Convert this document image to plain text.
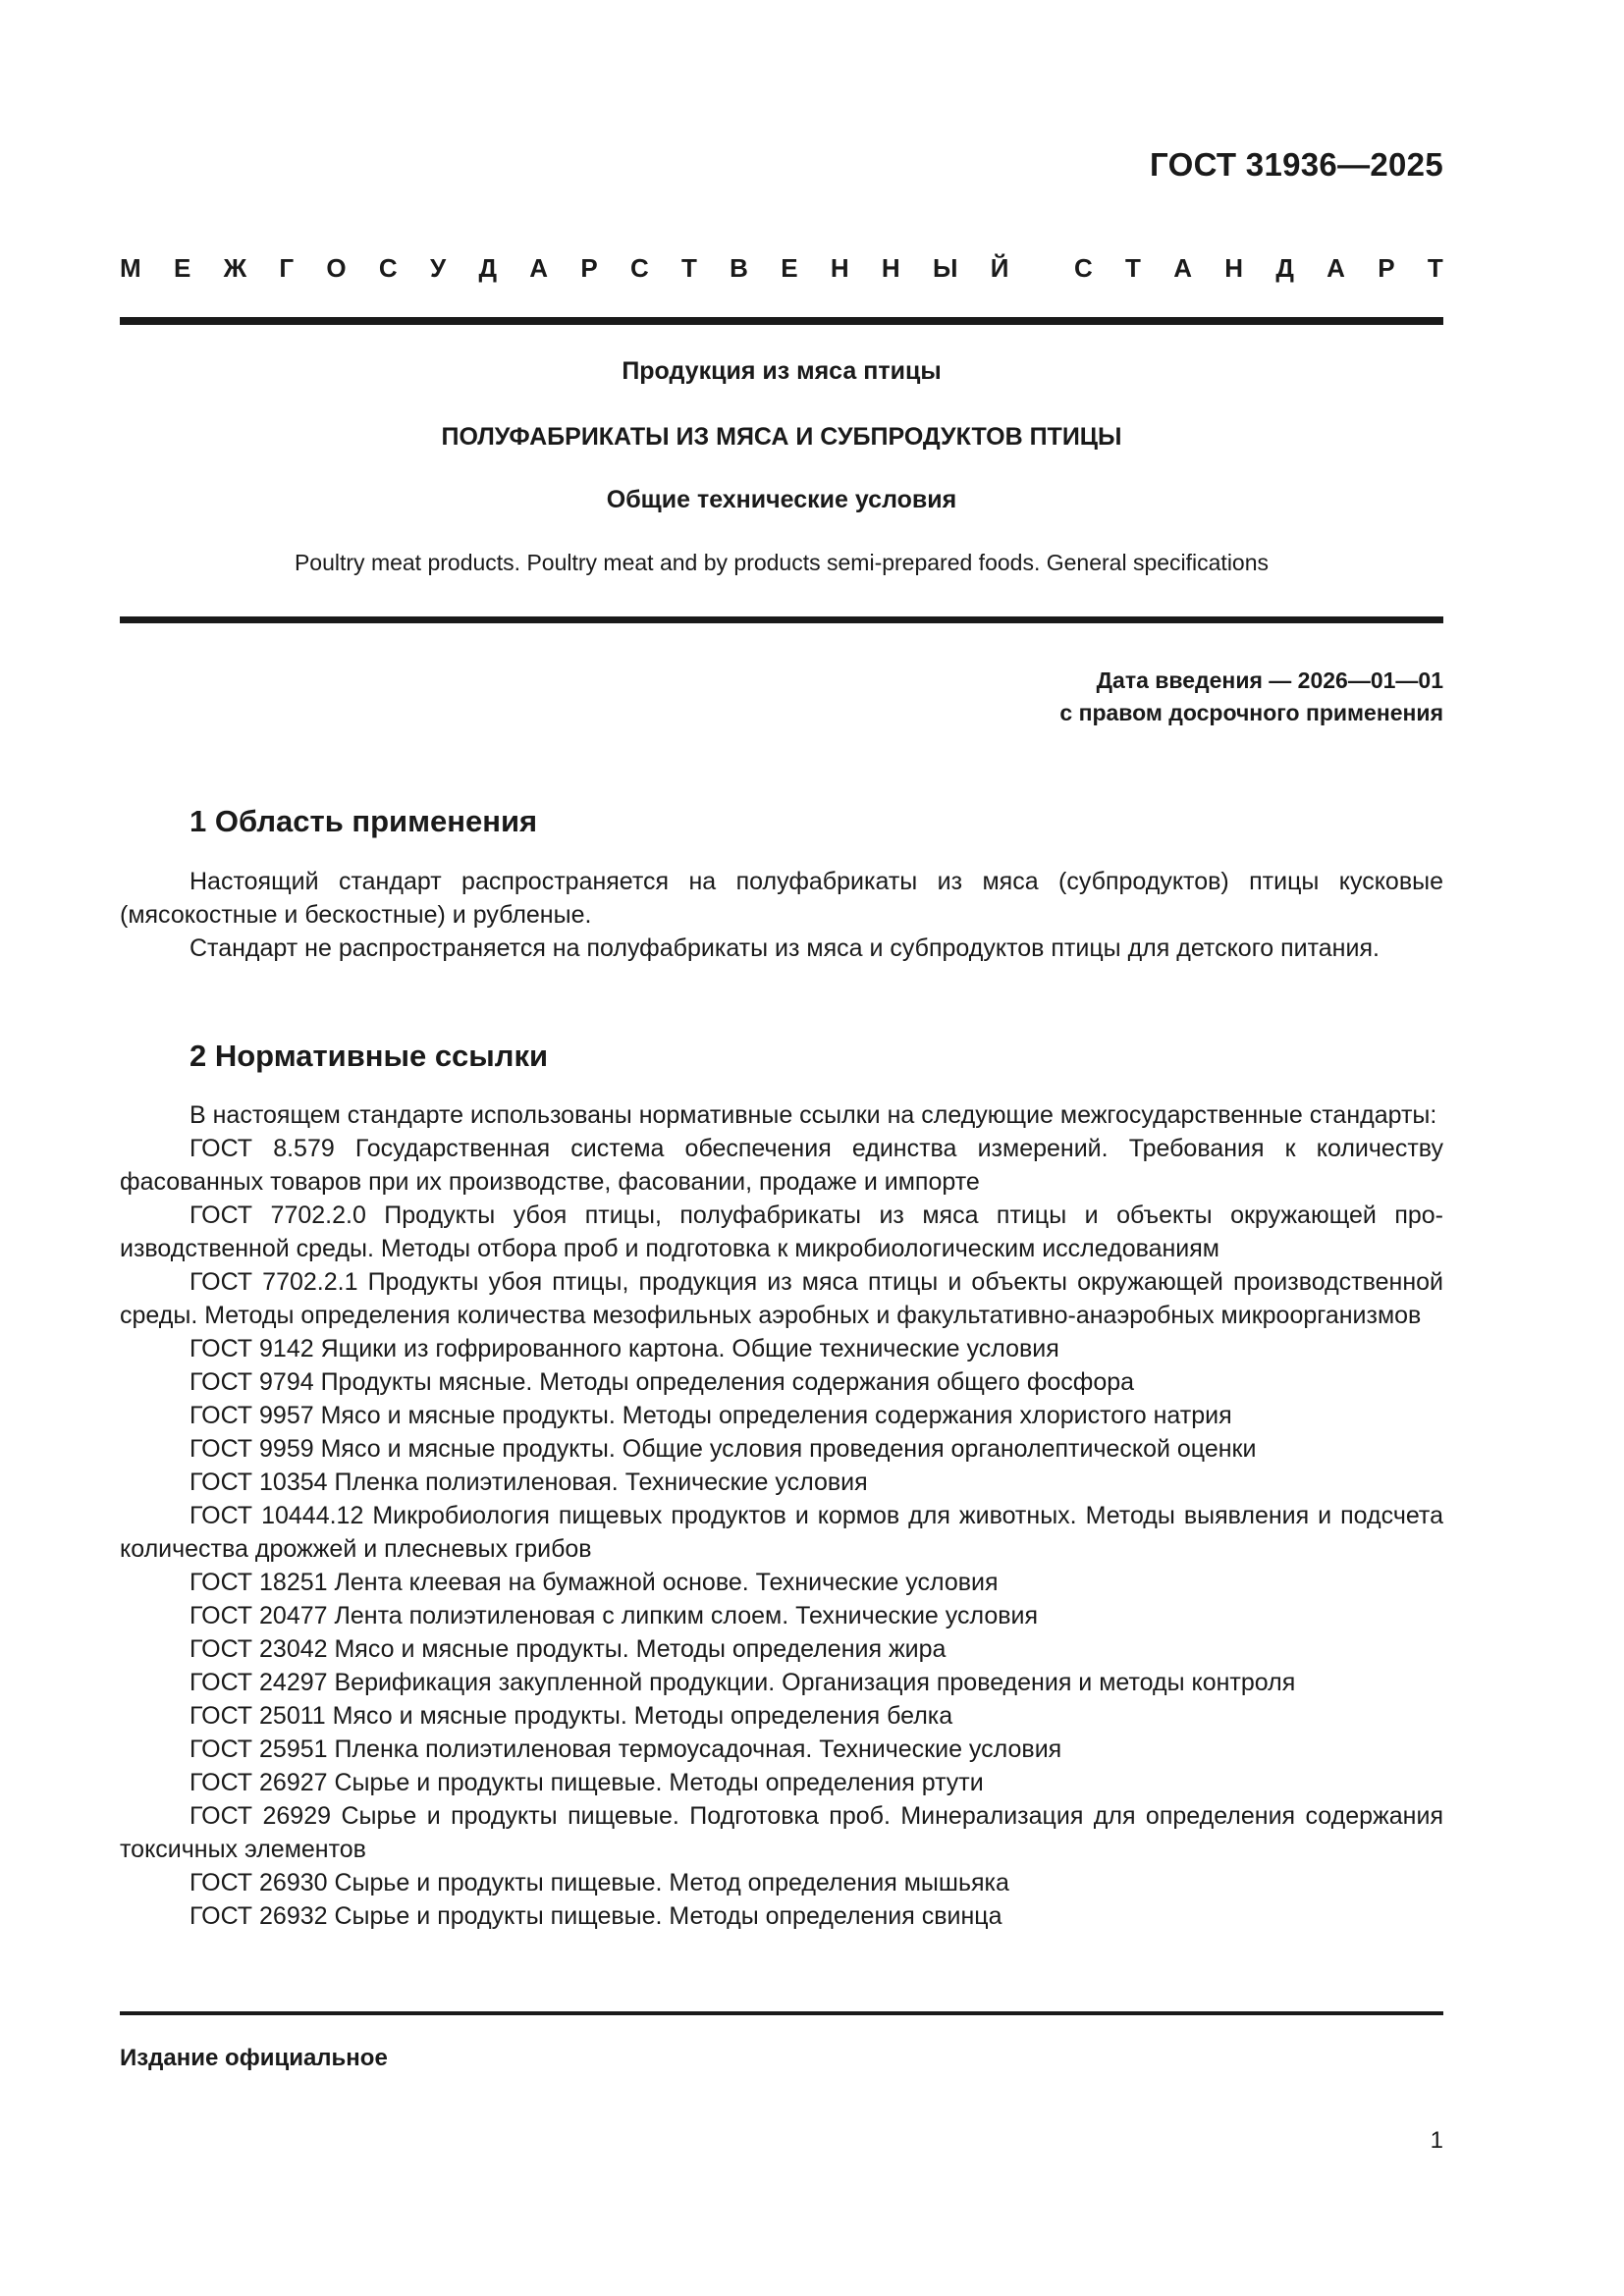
ГОСТ 31936—2025
М Е Ж Г О С У Д А Р С Т В Е Н Н Ы Й	С Т А Н Д А Р Т
Продукция из мяса птицы
ПОЛУФАБРИКАТЫ ИЗ МЯСА И СУБПРОДУКТОВ ПТИЦЫ
Общие технические условия
Poultry meat products. Poultry meat and by products semi-prepared foods. General specifications
Дата введения — 2026—01—01
с правом досрочного применения
1 Область применения

Настоящий стандарт распространяется на полуфабрикаты из мяса (субпродуктов) птицы кусковые (мясокостные и бескостные) и рубленые.

Стандарт не распространяется на полуфабрикаты из мяса и субпродуктов птицы для детского питания.

2 Нормативные ссылки

В настоящем стандарте использованы нормативные ссылки на следующие межгосударственные стандарты:

ГОСТ 8.579 Государственная система обеспечения единства измерений. Требования к количеству фасованных товаров при их производстве, фасовании, продаже и импорте

ГОСТ 7702.2.0 Продукты убоя птицы, полуфабрикаты из мяса птицы и объекты окружающей производственной среды. Методы отбора проб и подготовка к микробиологическим исследованиям

ГОСТ 7702.2.1 Продукты убоя птицы, продукция из мяса птицы и объекты окружающей производственной среды. Методы определения количества мезофильных аэробных и факультативно-анаэробных микроорганизмов

ГОСТ 9142 Ящики из гофрированного картона. Общие технические условия

ГОСТ 9794 Продукты мясные. Методы определения содержания общего фосфора

ГОСТ 9957 Мясо и мясные продукты. Методы определения содержания хлористого натрия

ГОСТ 9959 Мясо и мясные продукты. Общие условия проведения органолептической оценки

ГОСТ 10354 Пленка полиэтиленовая. Технические условия

ГОСТ 10444.12 Микробиология пищевых продуктов и кормов для животных. Методы выявления и подсчета количества дрожжей и плесневых грибов

ГОСТ 18251 Лента клеевая на бумажной основе. Технические условия

ГОСТ 20477 Лента полиэтиленовая с липким слоем. Технические условия

ГОСТ 23042 Мясо и мясные продукты. Методы определения жира

ГОСТ 24297 Верификация закупленной продукции. Организация проведения и методы контроля

ГОСТ 25011 Мясо и мясные продукты. Методы определения белка

ГОСТ 25951 Пленка полиэтиленовая термоусадочная. Технические условия

ГОСТ 26927 Сырье и продукты пищевые. Методы определения ртути

ГОСТ 26929 Сырье и продукты пищевые. Подготовка проб. Минерализация для определения содержания токсичных элементов

ГОСТ 26930 Сырье и продукты пищевые. Метод определения мышьяка

ГОСТ 26932 Сырье и продукты пищевые. Методы определения свинца

Издание официальное
1
